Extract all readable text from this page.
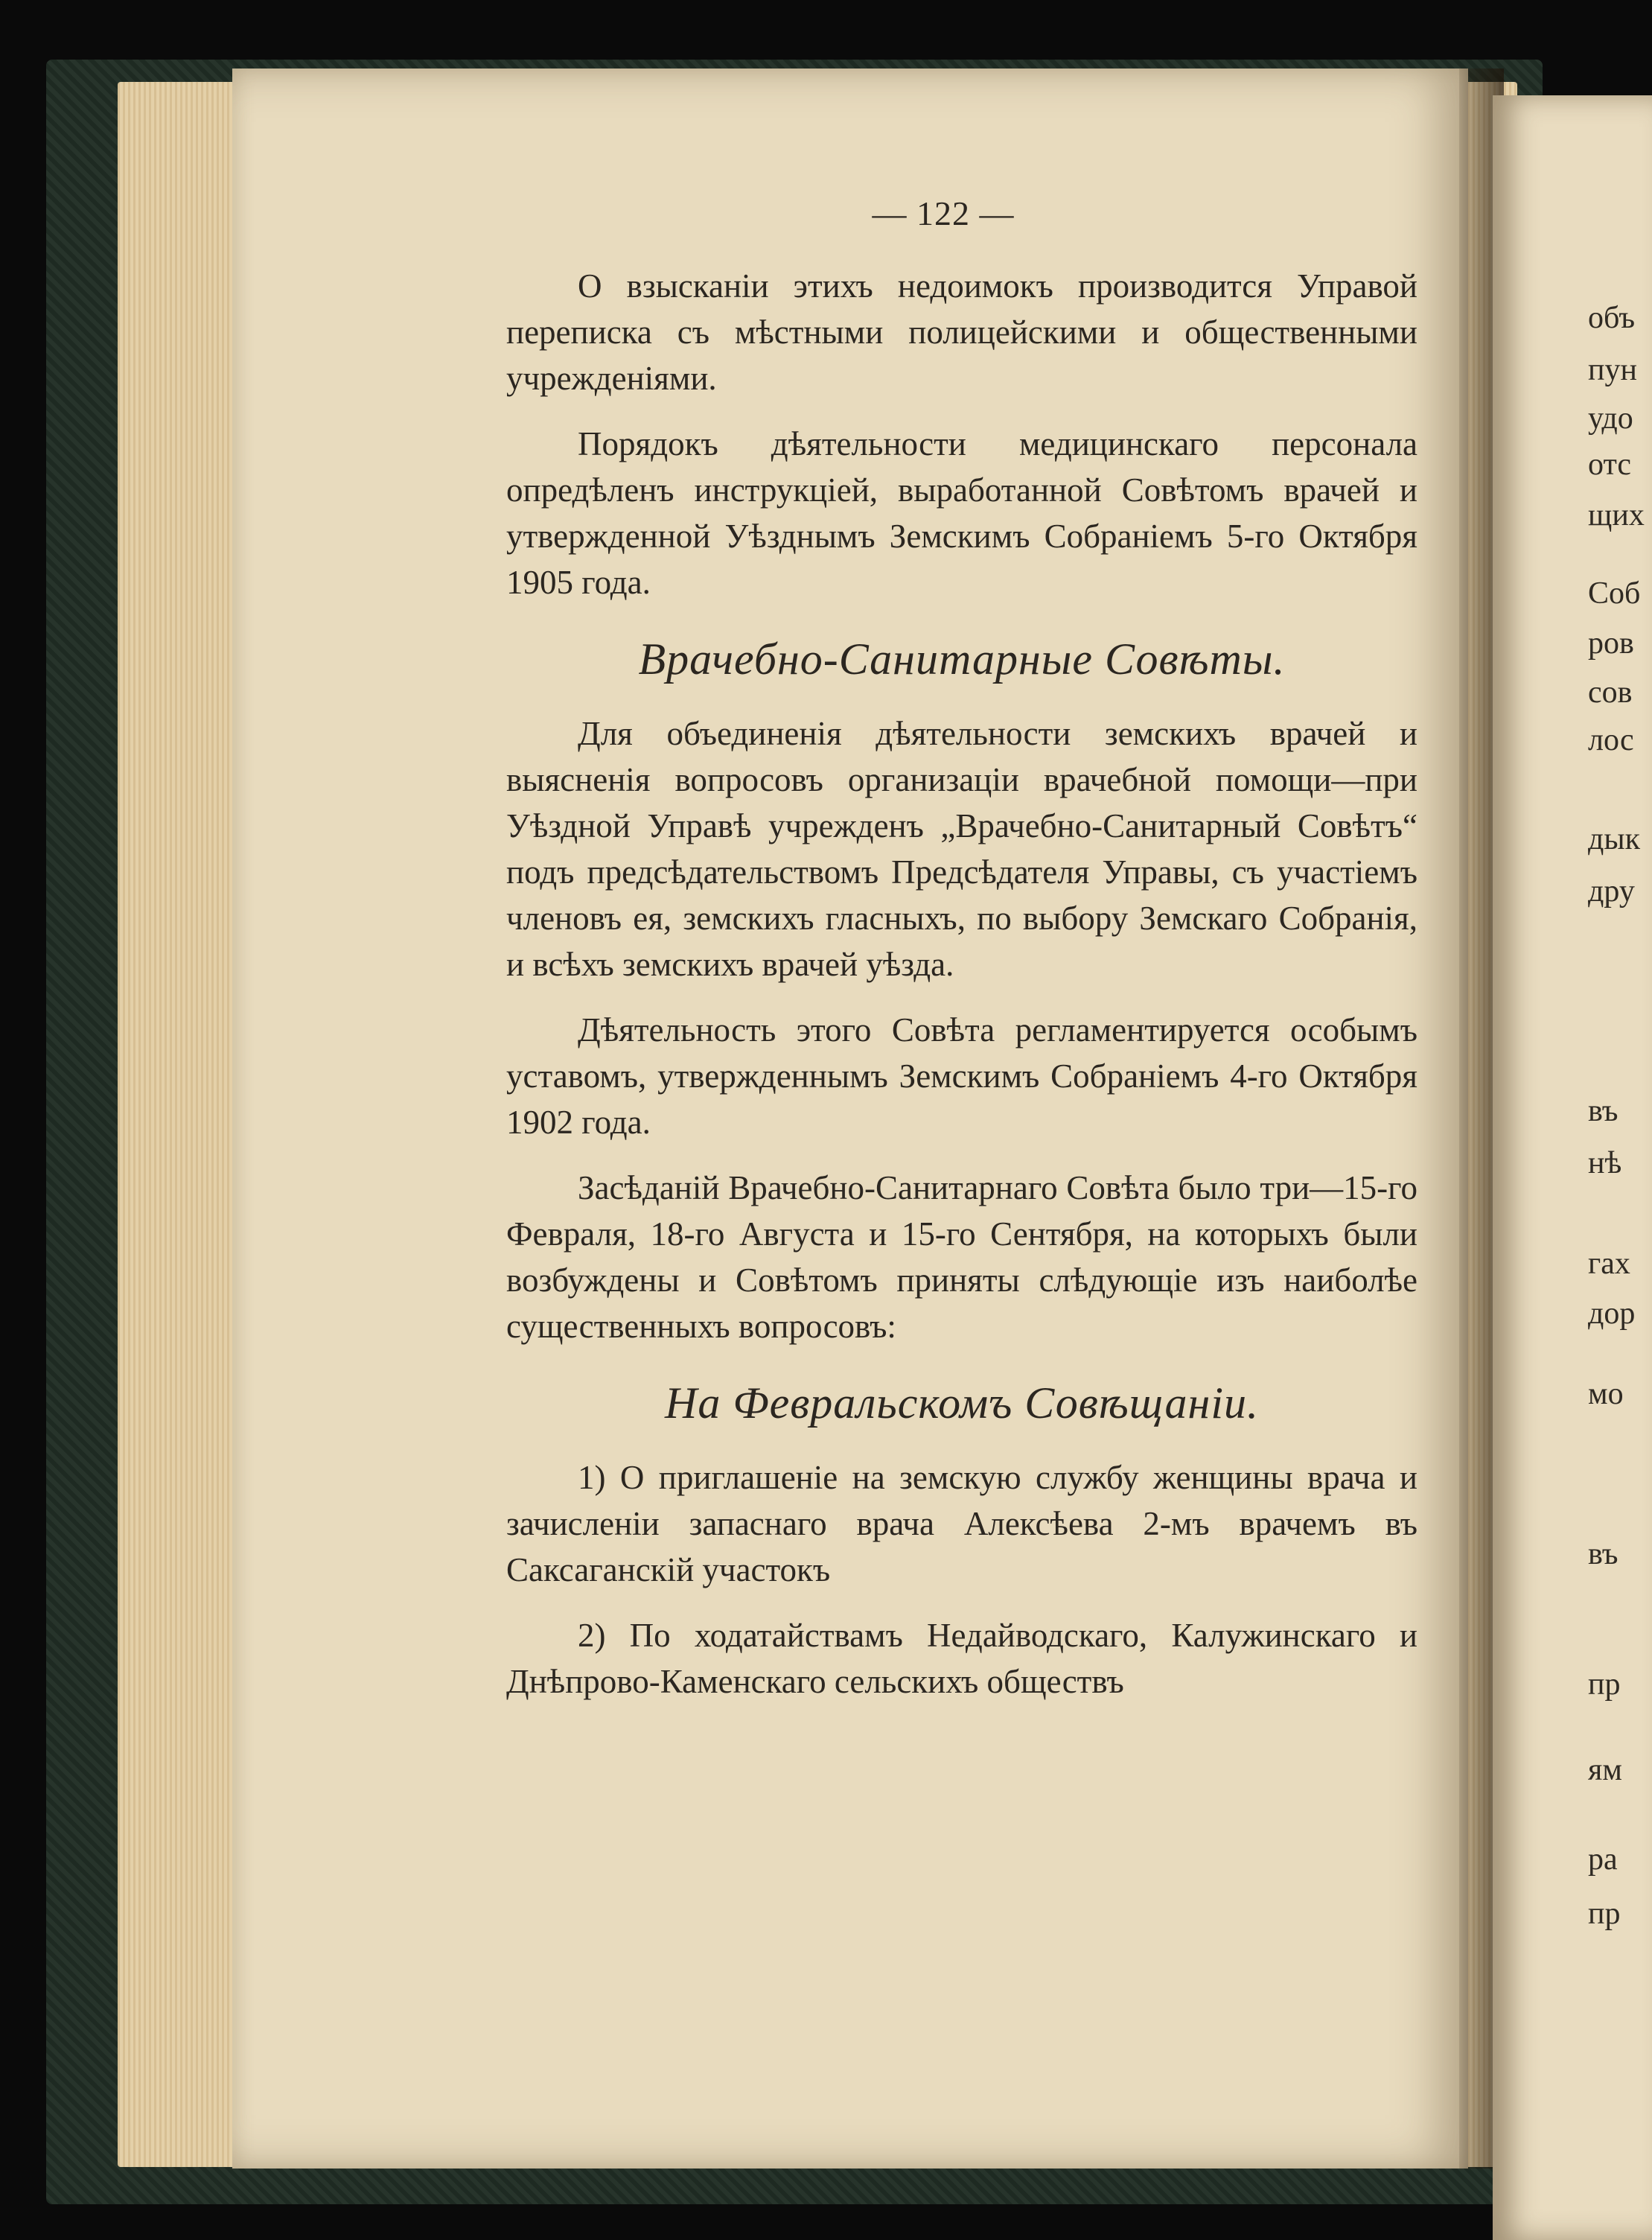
объ
пун
удо
отс
щих
Соб
ров
сов
лос
дык
дру
въ
нѣ
гах
дор
мо
въ
пр
ям
ра
пр
— 122 —

О взысканіи этихъ недоимокъ производится Управой переписка съ мѣстными полицейскими и общественными учрежденіями.

Порядокъ дѣятельности медицинскаго персонала опредѣленъ инструкціей, выработанной Совѣтомъ врачей и утвержденной Уѣзднымъ Земскимъ Собраніемъ 5-го Октября 1905 года.

Врачебно-Санитарные Совѣты.

Для объединенія дѣятельности земскихъ врачей и выясненія вопросовъ организаціи врачебной помощи—при Уѣздной Управѣ учрежденъ „Врачебно-Санитарный Совѣтъ“ подъ предсѣдательствомъ Предсѣдателя Управы, съ участіемъ членовъ ея, земскихъ гласныхъ, по выбору Земскаго Собранія, и всѣхъ земскихъ врачей уѣзда.

Дѣятельность этого Совѣта регламентируется особымъ уставомъ, утвержденнымъ Земскимъ Собраніемъ 4-го Октября 1902 года.

Засѣданій Врачебно-Санитарнаго Совѣта было три—15-го Февраля, 18-го Августа и 15-го Сентября, на которыхъ были возбуждены и Совѣтомъ приняты слѣдующіе изъ наиболѣе существенныхъ вопросовъ:

На Февральскомъ Совѣщаніи.

1) О приглашеніе на земскую службу женщины врача и зачисленіи запаснаго врача Алексѣева 2-мъ врачемъ въ Саксаганскій участокъ

2) По ходатайствамъ Недайводскаго, Калужинскаго и Днѣпрово-Каменскаго сельскихъ обществъ
